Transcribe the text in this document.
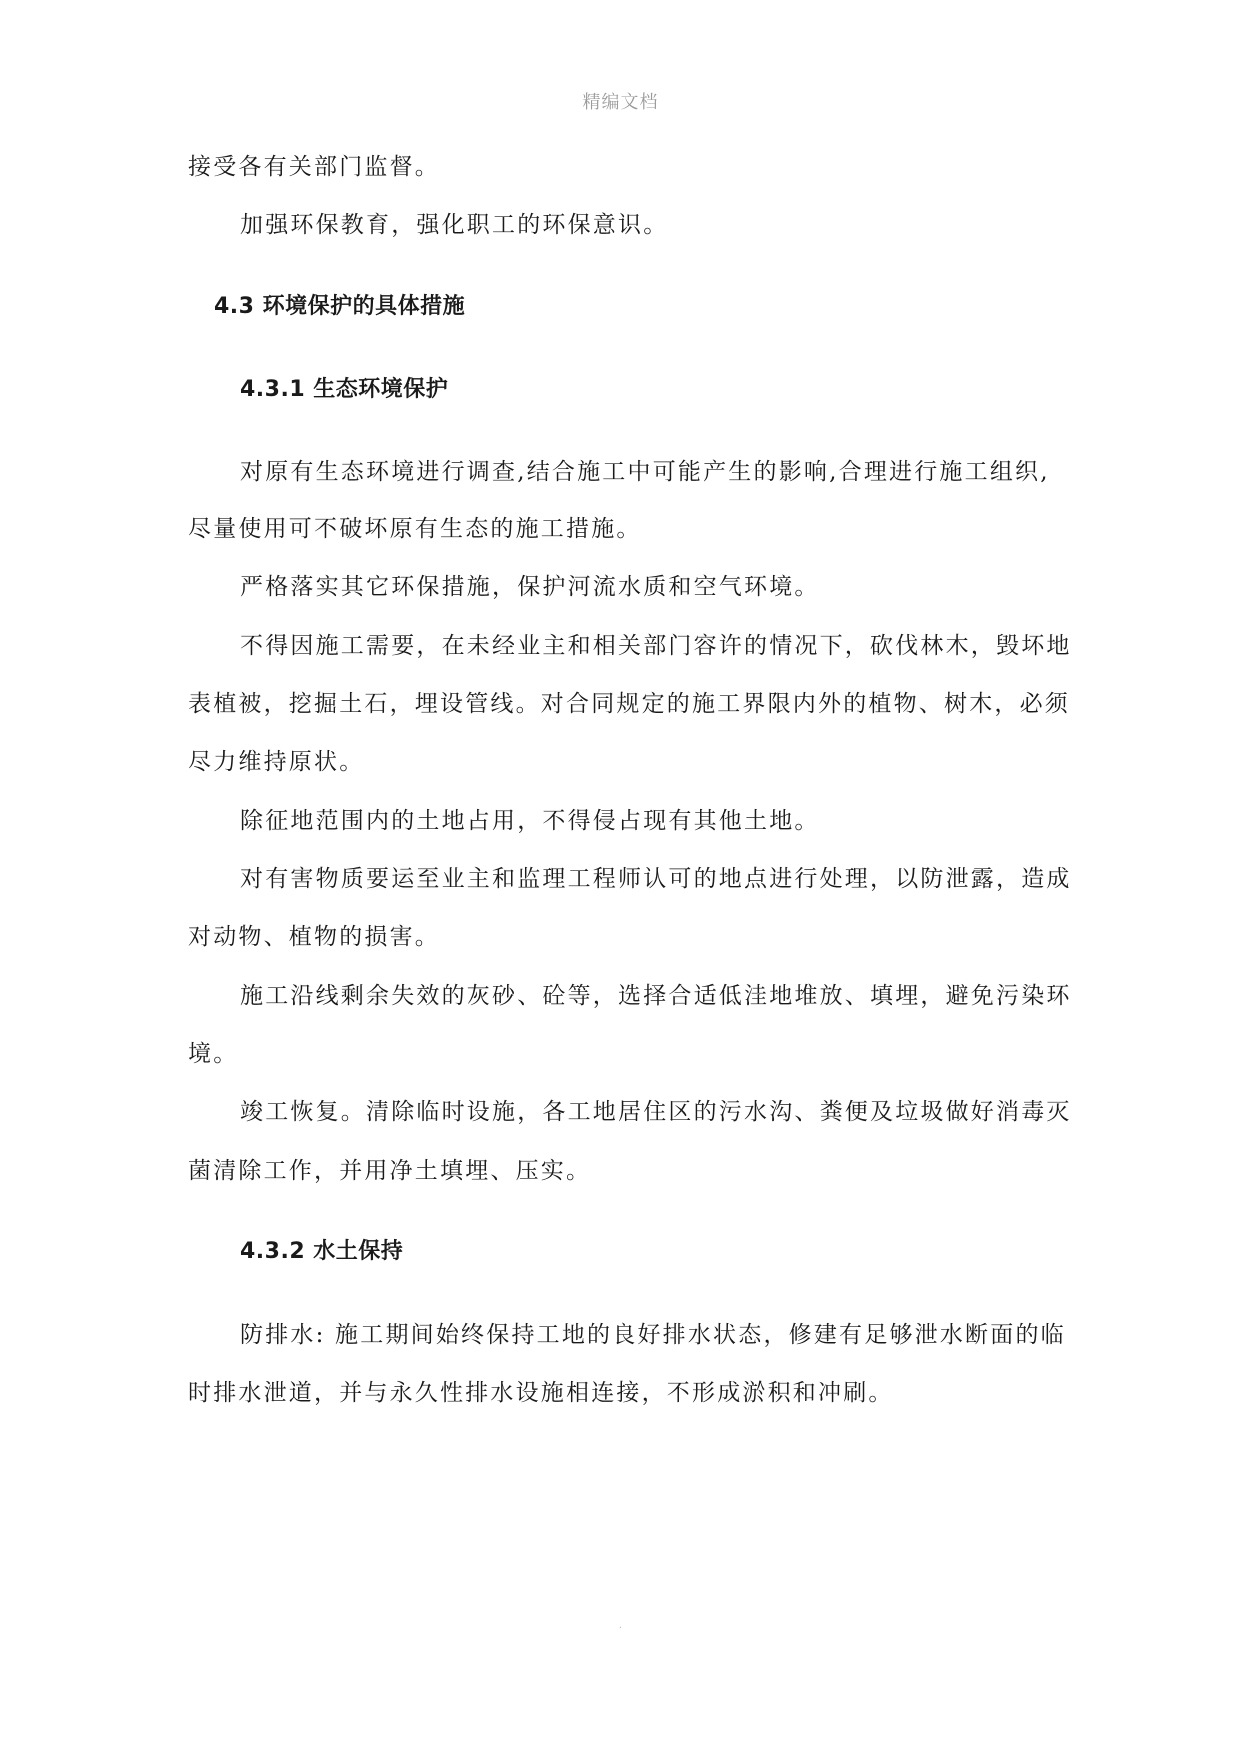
精编文档
接受各有关部门监督。
加强环保教育，强化职工的环保意识。
4.3 环境保护的具体措施
4.3.1 生态环境保护
对原有生态环境进行调查,结合施工中可能产生的影响,合理进行施工组织,
尽量使用可不破坏原有生态的施工措施。
严格落实其它环保措施，保护河流水质和空气环境。
不得因施工需要，在未经业主和相关部门容许的情况下，砍伐林木，毁坏地
表植被，挖掘土石，埋设管线。对合同规定的施工界限内外的植物、树木，必须
尽力维持原状。
除征地范围内的土地占用，不得侵占现有其他土地。
对有害物质要运至业主和监理工程师认可的地点进行处理，以防泄露，造成
对动物、植物的损害。
施工沿线剩余失效的灰砂、砼等，选择合适低洼地堆放、填埋，避免污染环
境。
竣工恢复。清除临时设施，各工地居住区的污水沟、粪便及垃圾做好消毒灭
菌清除工作，并用净土填埋、压实。
4.3.2 水土保持
防排水: 施工期间始终保持工地的良好排水状态，修建有足够泄水断面的临
时排水泄道，并与永久性排水设施相连接，不形成淤积和冲刷。
.
